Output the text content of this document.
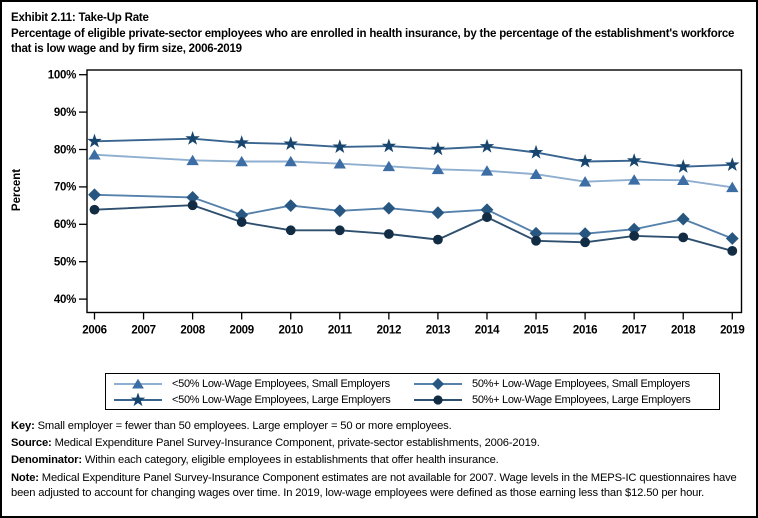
Exhibit 2.11: Take-Up Rate
Percentage of eligible private-sector employees who are enrolled in health insurance, by the percentage of the establishment's workforce that is low wage and by firm size, 2006-2019
40%
50%
60%
70%
80%
90%
100%
Percent
2006 2007 2008 2009 2010 2011 2012 2013 2014 2015 2016 2017 2018 2019
<50% Low-Wage Employees, Small Employers	50%+ Low-Wage Employees, Small Employers
<50% Low-Wage Employees, Large Employers	50%+ Low-Wage Employees, Large Employers
Key: Small employer = fewer than 50 employees. Large employer = 50 or more employees.
Source: Medical Expenditure Panel Survey-Insurance Component, private-sector establishments, 2006-2019.
Denominator: Within each category, eligible employees in establishments that offer health insurance.
Note: Medical Expenditure Panel Survey-Insurance Component estimates are not available for 2007. Wage levels in the MEPS-IC questionnaires have been adjusted to account for changing wages over time. In 2019, low-wage employees were defined as those earning less than $12.50 per hour.
